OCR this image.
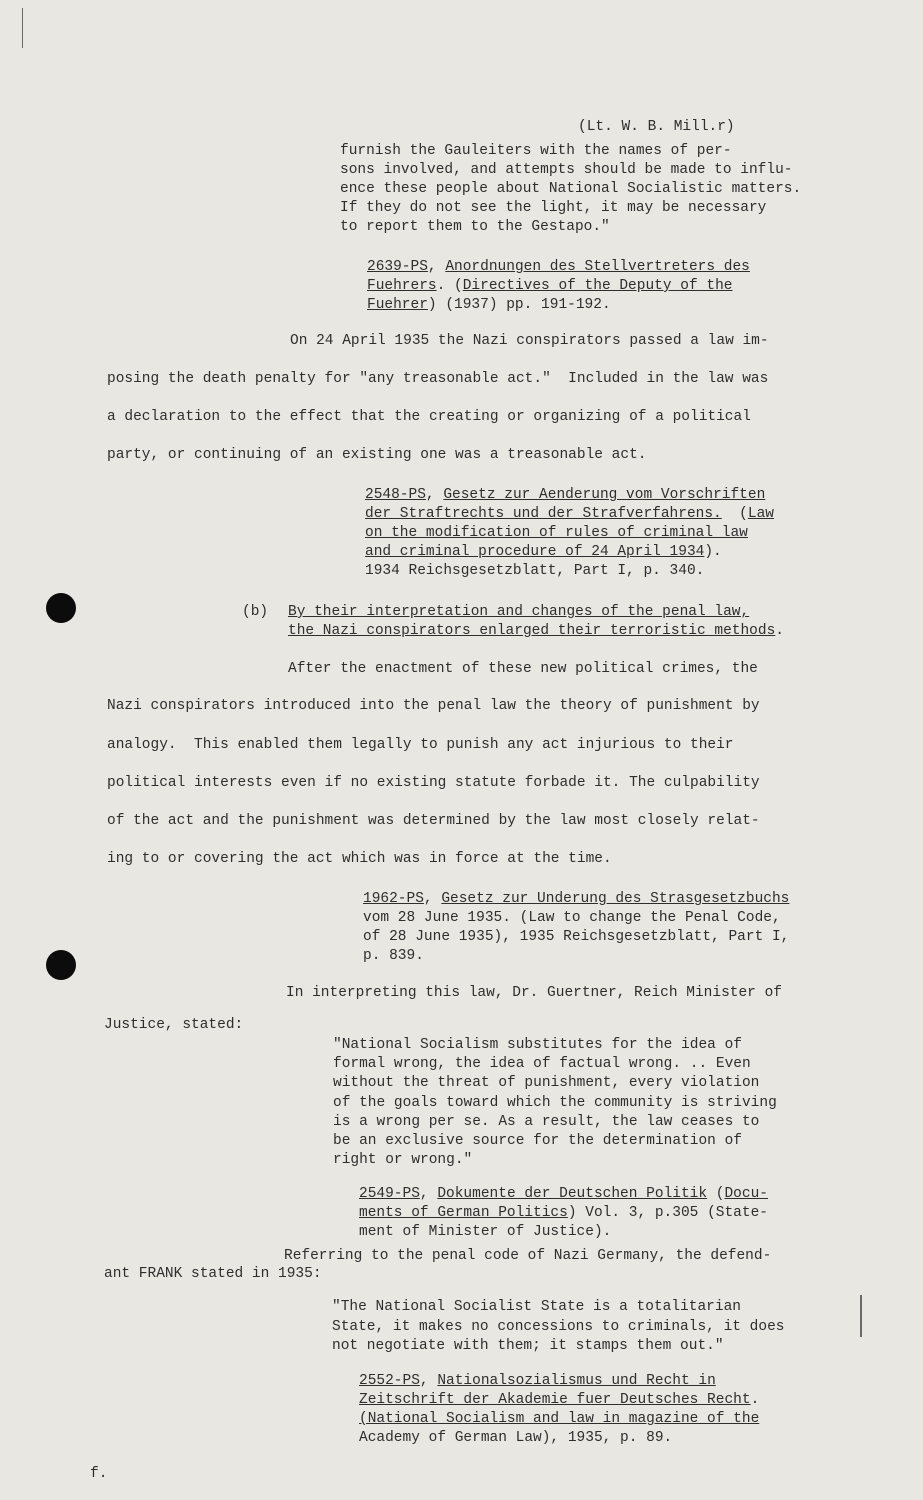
(Lt. W. B. Mill.r)

furnish the Gauleiters with the names of per-

sons involved, and attempts should be made to influ-

ence these people about National Socialistic matters.

If they do not see the light, it may be necessary

to report them to the Gestapo."

2639-PS, Anordnungen des Stellvertreters des

Fuehrers. (Directives of the Deputy of the

Fuehrer) (1937) pp. 191-192.

On 24 April 1935 the Nazi conspirators passed a law im-

posing the death penalty for "any treasonable act."  Included in the law was

a declaration to the effect that the creating or organizing of a political

party, or continuing of an existing one was a treasonable act.

2548-PS, Gesetz zur Aenderung vom Vorschriften

der Straftrechts und der Strafverfahrens.  (Law

on the modification of rules of criminal law

and criminal procedure of 24 April 1934).

1934 Reichsgesetzblatt, Part I, p. 340.

(b) By their interpretation and changes of the penal law,

the Nazi conspirators enlarged their terroristic methods.

After the enactment of these new political crimes, the

Nazi conspirators introduced into the penal law the theory of punishment by

analogy.  This enabled them legally to punish any act injurious to their

political interests even if no existing statute forbade it. The culpability

of the act and the punishment was determined by the law most closely relat-

ing to or covering the act which was in force at the time.

1962-PS, Gesetz zur Underung des Strasgesetzbuchs

vom 28 June 1935. (Law to change the Penal Code,

of 28 June 1935), 1935 Reichsgesetzblatt, Part I,

p. 839.

In interpreting this law, Dr. Guertner, Reich Minister of

Justice, stated:

"National Socialism substitutes for the idea of

formal wrong, the idea of factual wrong. .. Even

without the threat of punishment, every violation

of the goals toward which the community is striving

is a wrong per se. As a result, the law ceases to

be an exclusive source for the determination of

right or wrong."

2549-PS, Dokumente der Deutschen Politik (Docu-

ments of German Politics) Vol. 3, p.305 (State-

ment of Minister of Justice).

Referring to the penal code of Nazi Germany, the defend-

ant FRANK stated in 1935:

"The National Socialist State is a totalitarian

State, it makes no concessions to criminals, it does

not negotiate with them; it stamps them out."

2552-PS, Nationalsozialismus und Recht in

Zeitschrift der Akademie fuer Deutsches Recht.

(National Socialism and law in magazine of the

Academy of German Law), 1935, p. 89.

f.
